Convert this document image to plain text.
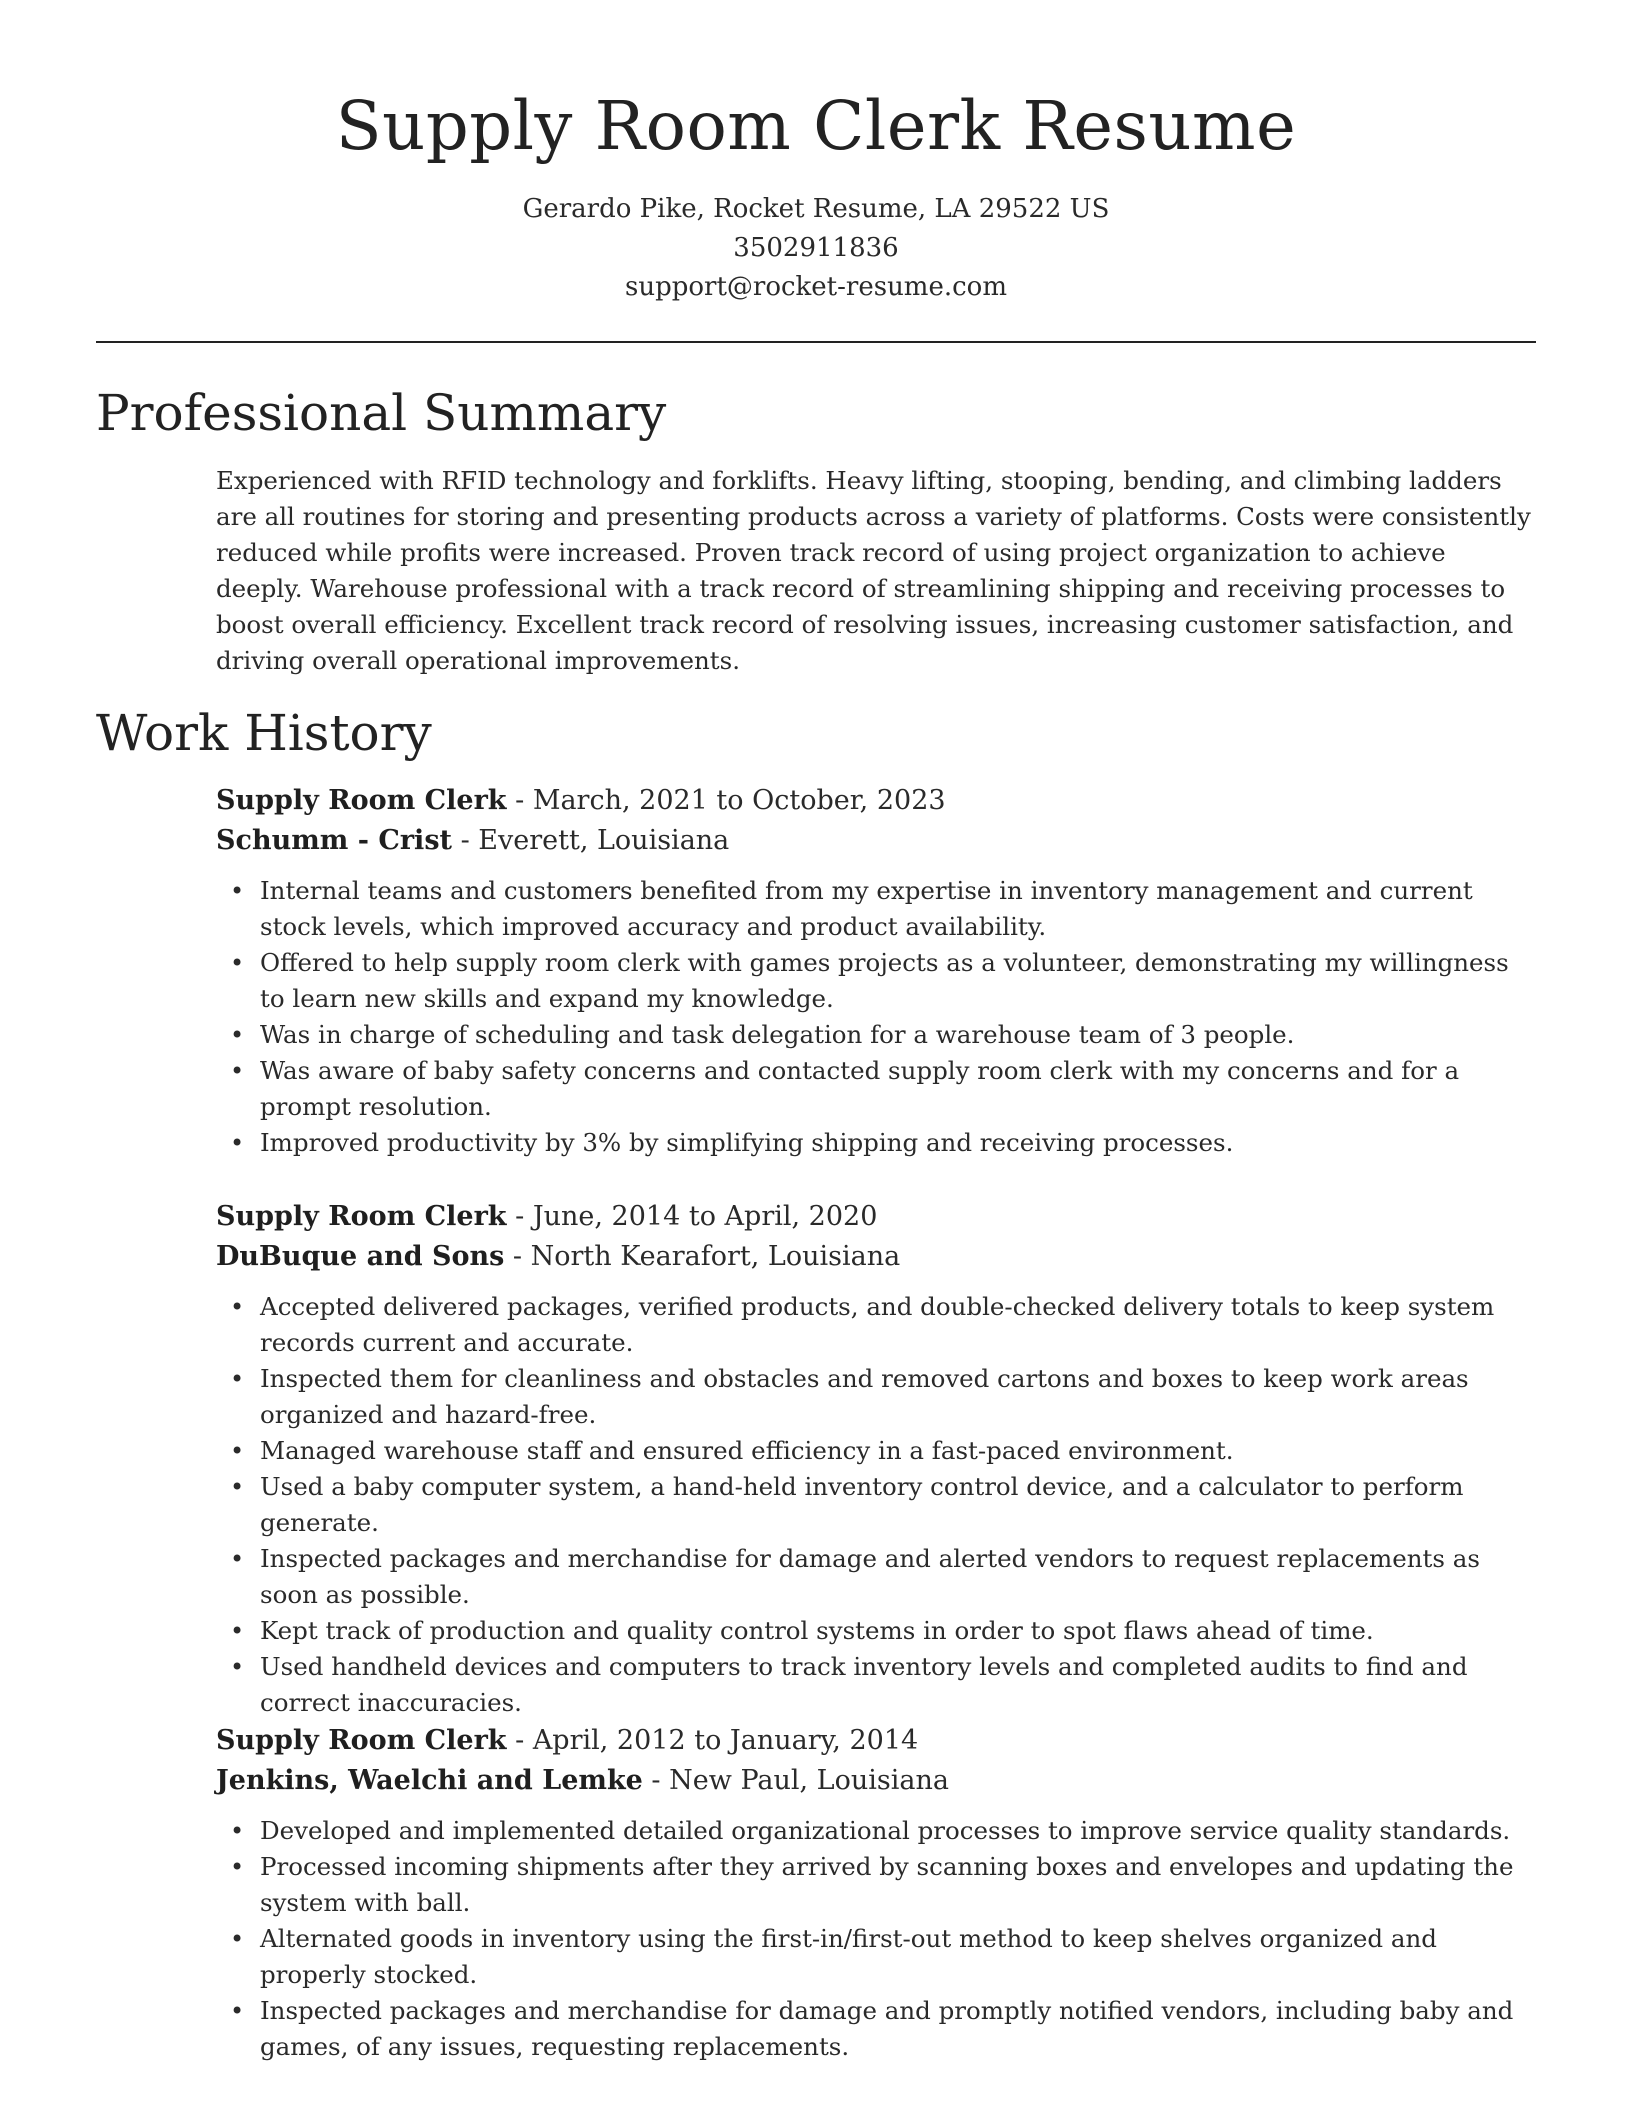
Supply Room Clerk Resume
Gerardo Pike, Rocket Resume, LA 29522 US
3502911836
support@rocket-resume.com
Professional Summary

Experienced with RFID technology and forklifts. Heavy lifting, stooping, bending, and climbing ladders are all routines for storing and presenting products across a variety of platforms. Costs were consistently reduced while profits were increased. Proven track record of using project organization to achieve deeply. Warehouse professional with a track record of streamlining shipping and receiving processes to boost overall efficiency. Excellent track record of resolving issues, increasing customer satisfaction, and driving overall operational improvements.

Work History

Supply Room Clerk - March, 2021 to October, 2023

Schumm - Crist - Everett, Louisiana

• Internal teams and customers benefited from my expertise in inventory management and current stock levels, which improved accuracy and product availability.
• Offered to help supply room clerk with games projects as a volunteer, demonstrating my willingness to learn new skills and expand my knowledge.
• Was in charge of scheduling and task delegation for a warehouse team of 3 people.
• Was aware of baby safety concerns and contacted supply room clerk with my concerns and for a prompt resolution.
• Improved productivity by 3% by simplifying shipping and receiving processes.

Supply Room Clerk - June, 2014 to April, 2020

DuBuque and Sons - North Kearafort, Louisiana

• Accepted delivered packages, verified products, and double-checked delivery totals to keep system records current and accurate.
• Inspected them for cleanliness and obstacles and removed cartons and boxes to keep work areas organized and hazard-free.
• Managed warehouse staff and ensured efficiency in a fast-paced environment.
• Used a baby computer system, a hand-held inventory control device, and a calculator to perform generate.
• Inspected packages and merchandise for damage and alerted vendors to request replacements as soon as possible.
• Kept track of production and quality control systems in order to spot flaws ahead of time.
• Used handheld devices and computers to track inventory levels and completed audits to find and correct inaccuracies.

Supply Room Clerk - April, 2012 to January, 2014

Jenkins, Waelchi and Lemke - New Paul, Louisiana

• Developed and implemented detailed organizational processes to improve service quality standards.
• Processed incoming shipments after they arrived by scanning boxes and envelopes and updating the system with ball.
• Alternated goods in inventory using the first-in/first-out method to keep shelves organized and properly stocked.
• Inspected packages and merchandise for damage and promptly notified vendors, including baby and games, of any issues, requesting replacements.
